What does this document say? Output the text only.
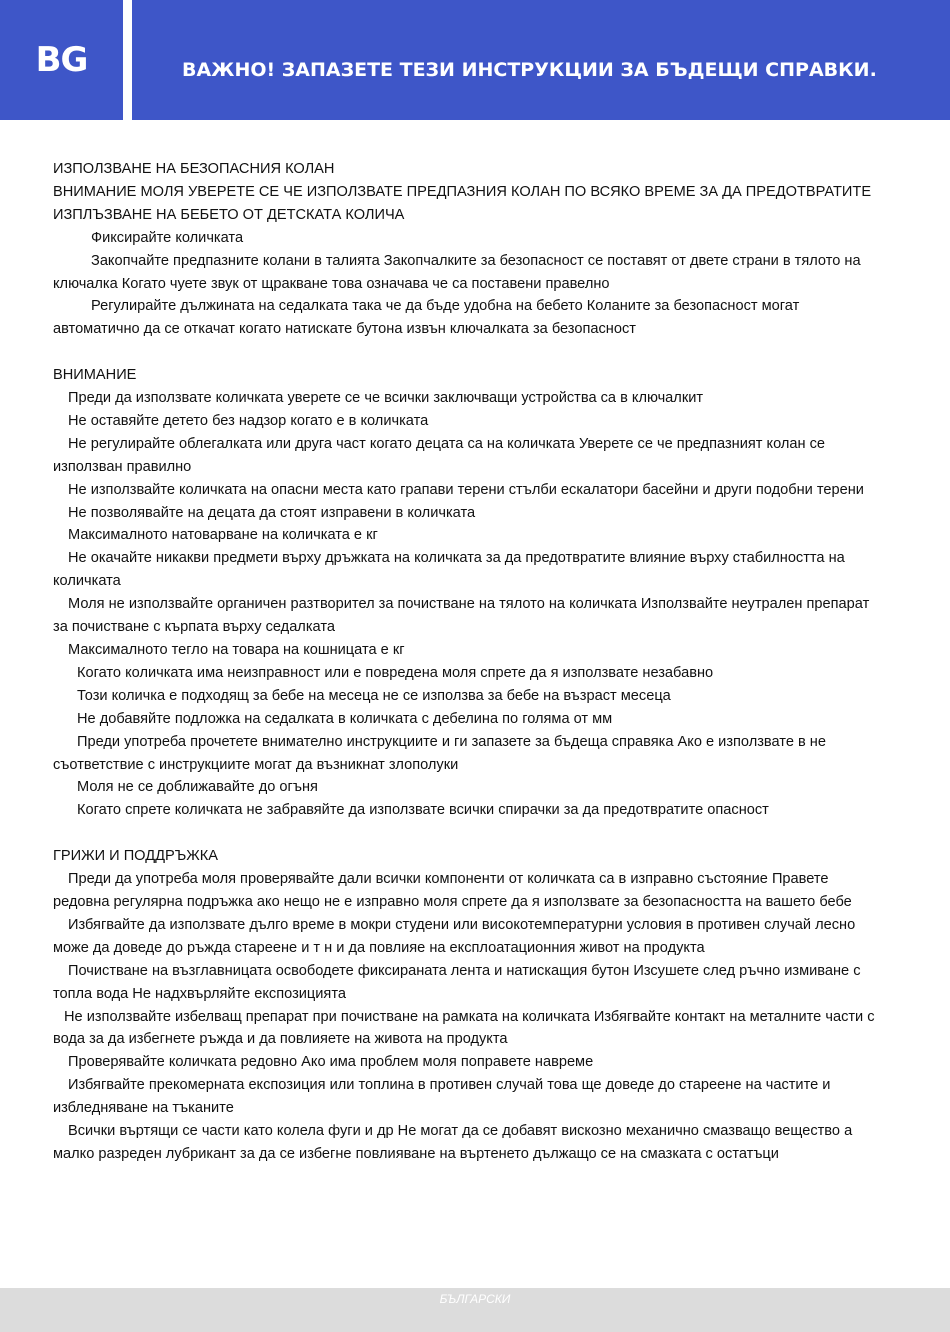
BG	ВАЖНО! ЗАПАЗЕТЕ ТЕЗИ ИНСТРУКЦИИ ЗА БЪДЕЩИ СПРАВКИ.

ИЗПОЛЗВАНЕ НА БЕЗОПАСНИЯ КОЛАН

ВНИМАНИЕ МОЛЯ УВЕРЕТЕ СЕ ЧЕ ИЗПОЛЗВАТЕ ПРЕДПАЗНИЯ КОЛАН ПО ВСЯКО ВРЕМЕ ЗА ДА ПРЕДОТВРАТИТЕ ИЗПЛЪЗВАНЕ НА БЕБЕТО ОТ ДЕТСКАТА КОЛИЧА

Фиксирайте количката

Закопчайте предпазните колани в талията Закопчалките за безопасност се поставят от двете страни в тялото на ключалка Когато чуете звук от щракване това означава че са поставени правелно

Регулирайте дължината на седалката така че да бъде удобна на бебето Коланите за безопасност могат автоматично да се откачат когато натискате бутона извън ключалката за безопасност

ВНИМАНИЕ

Преди да използвате количката уверете се че всички заключващи устройства са в ключалкит

Не оставяйте детето без надзор когато е в количката

Не регулирайте облегалката или друга част когато децата са на количката Уверете се че предпазният колан се използван правилно

Не използвайте количката на опасни места като грапави терени стълби ескалатори басейни и други подобни терени

Не позволявайте на децата да стоят изправени в количката

Максималното натоварване на количката е кг

Не окачайте никакви предмети върху дръжката на количката за да предотвратите влияние върху стабилността на количката

Моля не използвайте органичен разтворител за почистване на тялото на количката Използвайте неутрален препарат за почистване с кърпата върху седалката

Максималното тегло на товара на кошницата е кг

Когато количката има неизправност или е повредена моля спрете да я използвате незабавно

Този количка е подходящ за бебе на месеца не се използва за бебе на възраст месеца

Не добавяйте подложка на седалката в количката с дебелина по голяма от мм

Преди употреба прочетете внимателно инструкциите и ги запазете за бъдеща справяка Ако е използвате в не съответствие с инструкциите могат да възникнат злополуки

Моля не се доближавайте до огъня

Когато спрете количката не забравяйте да използвате всички спирачки за да предотвратите опасност

ГРИЖИ И ПОДДРЪЖКА

Преди да употреба моля проверявайте дали всички компоненти от количката са в изправно състояние Правете редовна регулярна подръжка ако нещо не е изправно моля спрете да я използвате за безопасността на вашето бебе

Избягвайте да използвате дълго време в мокри студени или високотемпературни условия в противен случай лесно може да доведе до ръжда стареене и т н и да повлияе на експлоатационния живот на продукта

Почистване на възглавницата освободете фиксираната лента и натискащия бутон Изсушете след ръчно измиване с топла вода Не надхвърляйте експозицията

Не използвайте избелващ препарат при почистване на рамката на количката Избягвайте контакт на металните части с вода за да избегнете ръжда и да повлияете на живота на продукта

Проверявайте количката редовно Ако има проблем моля поправете навреме

Избягвайте прекомерната експозиция или топлина в противен случай това ще доведе до стареене на частите и избледняване на тъканите

Всички въртящи се части като колела фуги и др Не могат да се добавят вискозно механично смазващо вещество а малко разреден лубрикант за да се избегне повлияване на въртенето дължащо се на смазката с остатъци

БЪЛГАРСКИ
